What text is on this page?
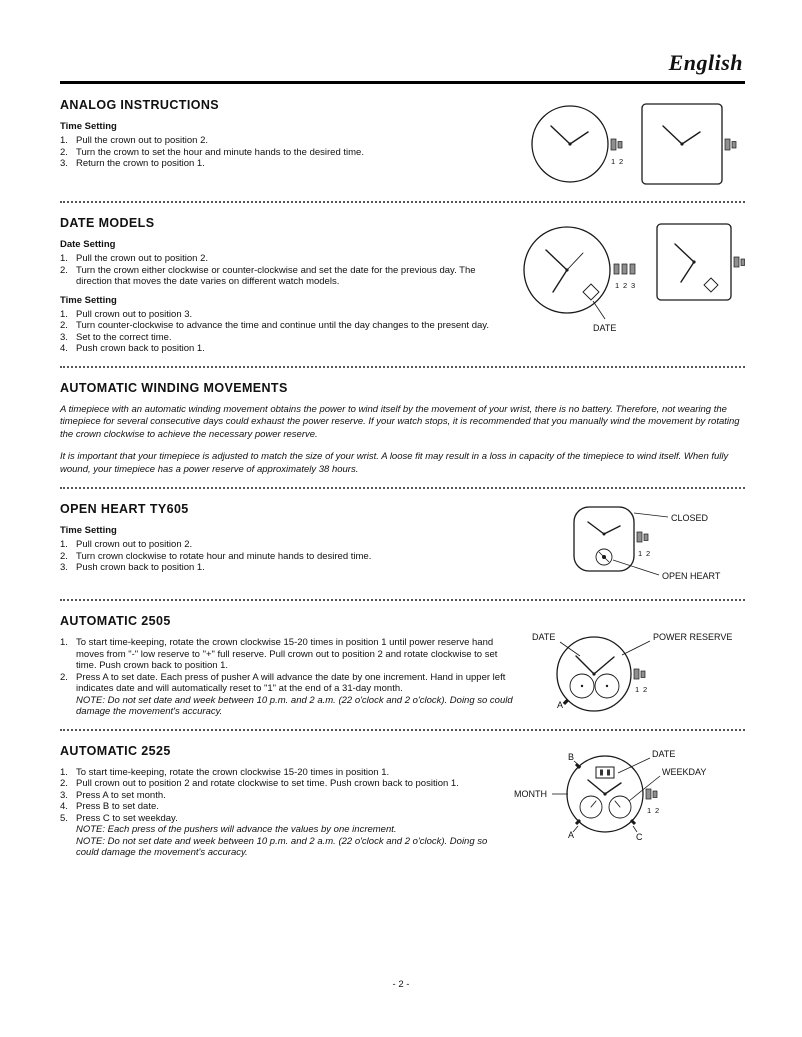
English
ANALOG INSTRUCTIONS
Time Setting
1. Pull the crown out to position 2.
2. Turn the crown to set the hour and minute hands to the desired time.
3. Return the crown to position 1.	1 2
DATE MODELS
Date Setting
1. Pull the crown out to position 2.
2. Turn the crown either clockwise or counter-clockwise and set the date for the previous day. The direction that moves the date varies on different watch models.
Time Setting
1. Pull crown out to position 3.
2. Turn counter-clockwise to advance the time and continue until the day changes to the present day.
3. Set to the correct time.
4. Push crown back to position 1.
1 2 3
DATE
AUTOMATIC WINDING MOVEMENTS

A timepiece with an automatic winding movement obtains the power to wind itself by the movement of your wrist, there is no battery. Therefore, not wearing the timepiece for several consecutive days could exhaust the power reserve. If your watch stops, it is recommended that you manually wind the movement by rotating the crown clockwise to achieve the necessary power reserve.

It is important that your timepiece is adjusted to match the size of your wrist. A loose fit may result in a loss in capacity of the timepiece to wind itself. When fully wound, your timepiece has a power reserve of approximately 38 hours.

OPEN HEART TY605
Time Setting
1. Pull crown out to position 2.
2. Turn crown clockwise to rotate hour and minute hands to desired time.
3. Push crown back to position 1.
1 2
CLOSED
OPEN HEART
AUTOMATIC 2505
1. To start time-keeping, rotate the crown clockwise 15-20 times in position 1 until power reserve hand moves from "-" low reserve to "+" full reserve. Pull crown out to position 2 and rotate clockwise to set time. Push crown back to position 1.
2. Press A to set date. Each press of pusher A will advance the date by one increment. Hand in upper left indicates date and will automatically reset to "1" at the end of a 31-day month.
NOTE: Do not set date and week between 10 p.m. and 2 a.m. (22 o'clock and 2 o'clock). Doing so could damage the movement's accuracy.
DATE
1 2
POWER RESERVE
A
AUTOMATIC 2525
1. To start time-keeping, rotate the crown clockwise 15-20 times in position 1.
2. Pull crown out to position 2 and rotate clockwise to set time. Push crown back to position 1.
3. Press A to set month.
4. Press B to set date.
5. Press C to set weekday.
NOTE: Each press of the pushers will advance the values by one increment.
NOTE: Do not set date and week between 10 p.m. and 2 a.m. (22 o'clock and 2 o'clock). Doing so could damage the movement's accuracy.
B	DATE
WEEKDAY
MONTH
1 2
A	C
- 2 -
